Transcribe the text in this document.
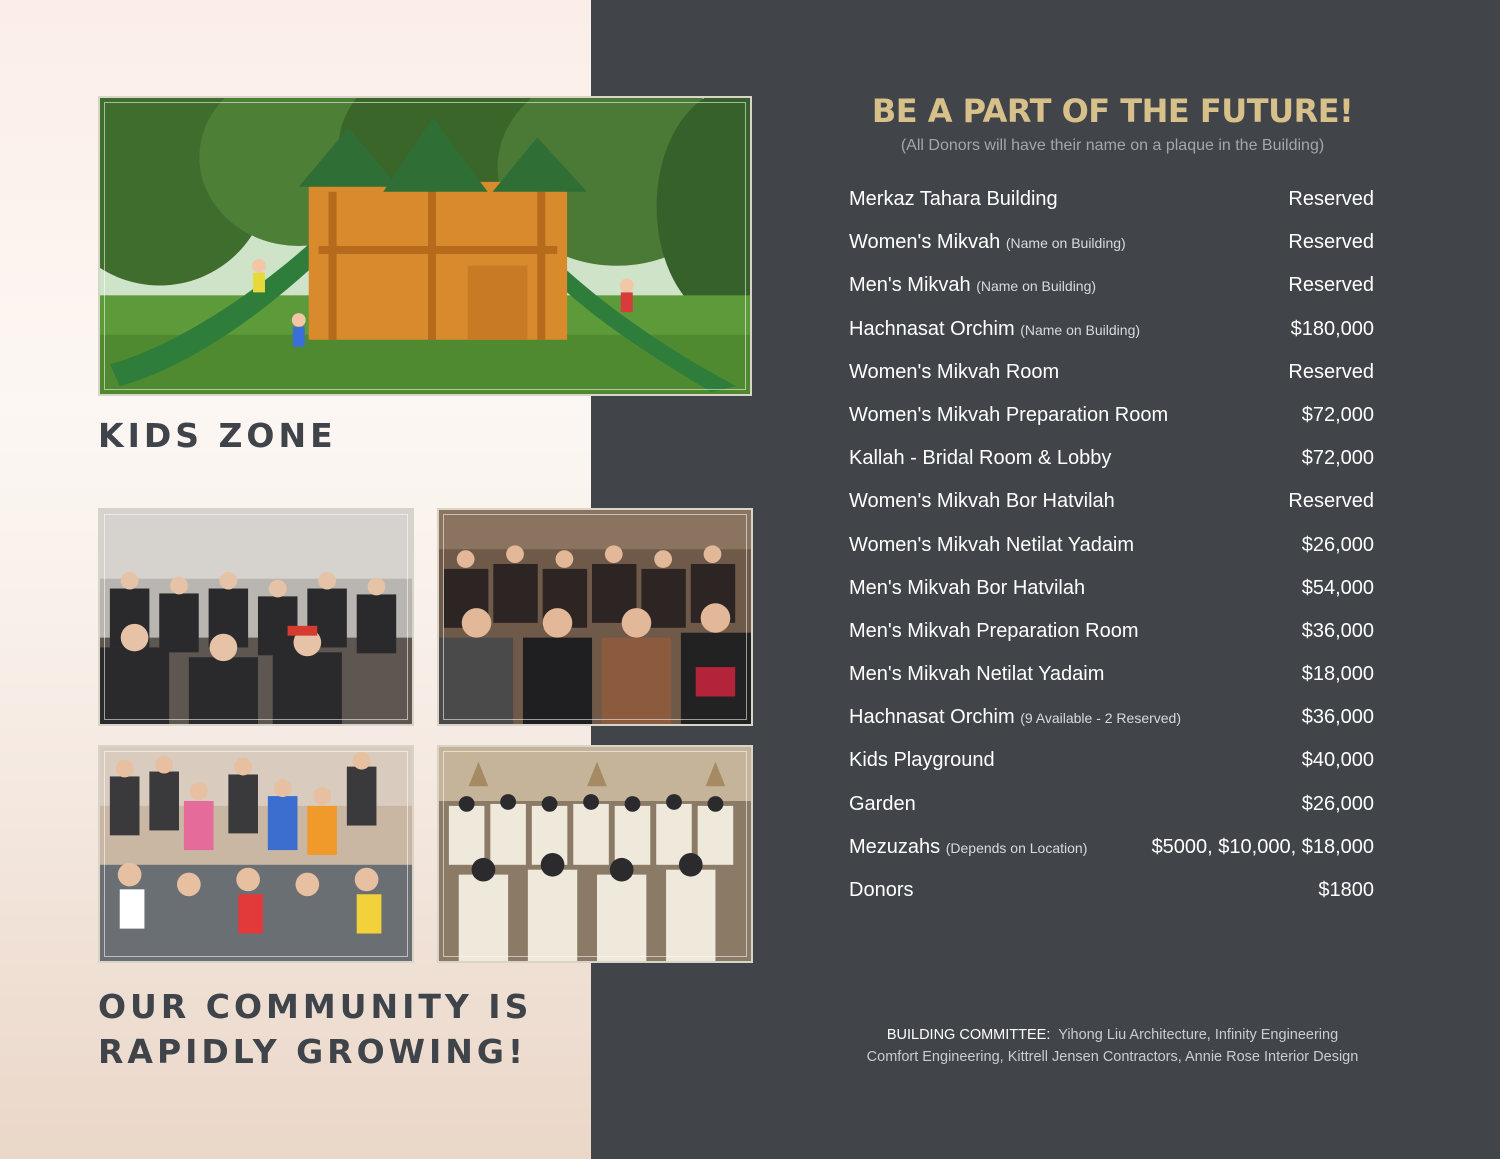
KIDS ZONE
OUR COMMUNITY IS
RAPIDLY GROWING!
BE A PART OF THE FUTURE!

(All Donors will have their name on a plaque in the Building)

Merkaz Tahara Building	Reserved
Women's Mikvah (Name on Building)	Reserved
Men's Mikvah (Name on Building)	Reserved
Hachnasat Orchim (Name on Building)	$180,000
Women's Mikvah Room	Reserved
Women's Mikvah Preparation Room	$72,000
Kallah - Bridal Room & Lobby	$72,000
Women's Mikvah Bor Hatvilah	Reserved
Women's Mikvah Netilat Yadaim	$26,000
Men's Mikvah Bor Hatvilah	$54,000
Men's Mikvah Preparation Room	$36,000
Men's Mikvah Netilat Yadaim	$18,000
Hachnasat Orchim (9 Available - 2 Reserved)	$36,000
Kids Playground	$40,000
Garden	$26,000
Mezuzahs (Depends on Location)	$5000, $10,000, $18,000
Donors	$1800

BUILDING COMMITTEE: Yihong Liu Architecture, Infinity Engineering
Comfort Engineering, Kittrell Jensen Contractors, Annie Rose Interior Design
